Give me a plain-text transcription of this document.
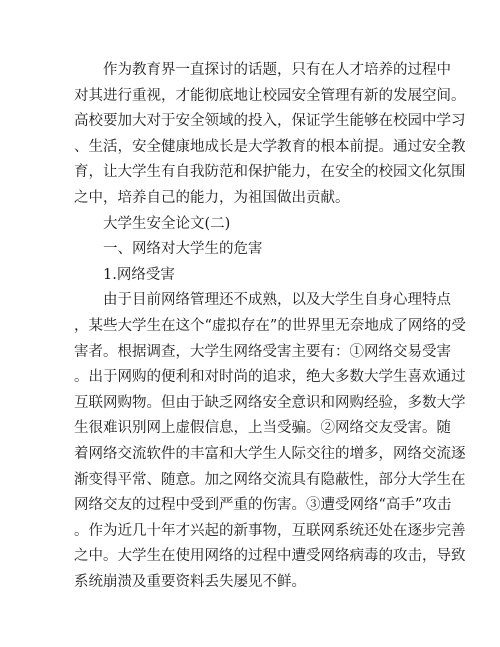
　　作为教育界一直探讨的话题，只有在人才培养的过程中
对其进行重视，才能彻底地让校园安全管理有新的发展空间。
高校要加大对于安全领域的投入，保证学生能够在校园中学习
、生活，安全健康地成长是大学教育的根本前提。通过安全教
育，让大学生有自我防范和保护能力，在安全的校园文化氛围
之中，培养自己的能力，为祖国做出贡献。
　　大学生安全论文(二)
　　一、网络对大学生的危害
　　1.网络受害
　　由于目前网络管理还不成熟，以及大学生自身心理特点
，某些大学生在这个“虚拟存在”的世界里无奈地成了网络的受
害者。根据调查，大学生网络受害主要有：①网络交易受害
。出于网购的便利和对时尚的追求，绝大多数大学生喜欢通过
互联网购物。但由于缺乏网络安全意识和网购经验，多数大学
生很难识别网上虚假信息，上当受骗。②网络交友受害。随
着网络交流软件的丰富和大学生人际交往的增多，网络交流逐
渐变得平常、随意。加之网络交流具有隐蔽性，部分大学生在
网络交友的过程中受到严重的伤害。③遭受网络“高手”攻击
。作为近几十年才兴起的新事物，互联网系统还处在逐步完善
之中。大学生在使用网络的过程中遭受网络病毒的攻击，导致
系统崩溃及重要资料丢失屡见不鲜。
